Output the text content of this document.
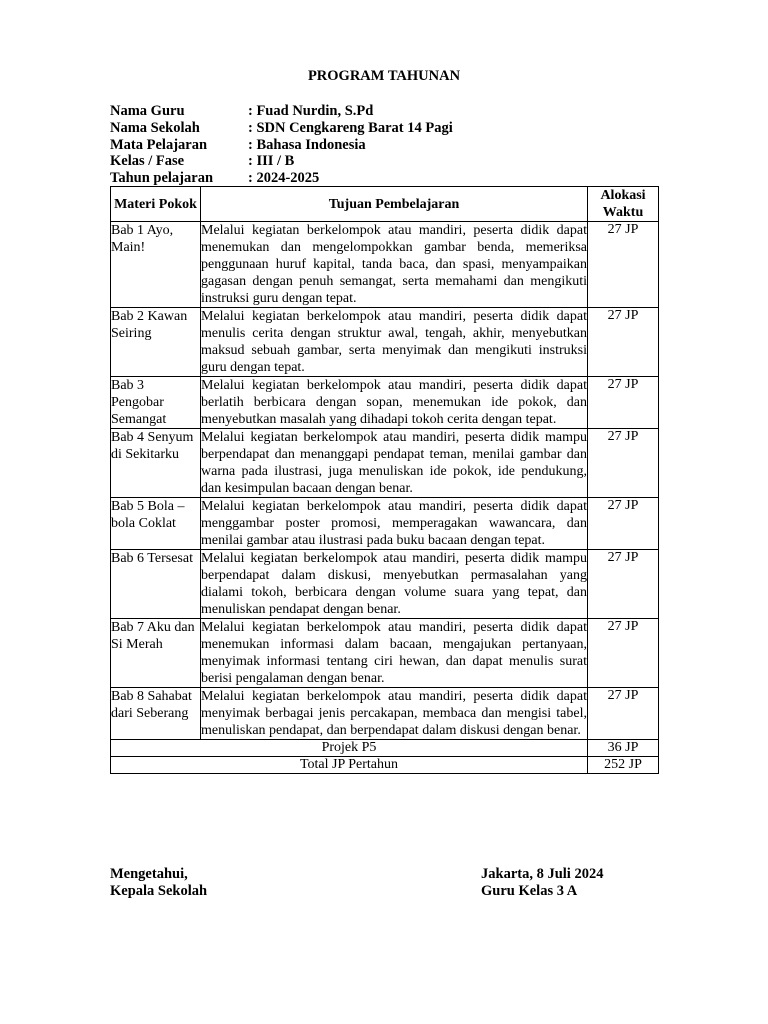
PROGRAM TAHUNAN
Nama Guru	: Fuad Nurdin, S.Pd
Nama Sekolah	: SDN Cengkareng Barat 14 Pagi
Mata Pelajaran	: Bahasa Indonesia
Kelas / Fase	: III / B
Tahun pelajaran	: 2024-2025
Materi Pokok	Tujuan Pembelajaran	Alokasi Waktu
Bab 1 Ayo, Main!	Melalui kegiatan berkelompok atau mandiri, peserta didik dapat menemukan dan mengelompokkan gambar benda, memeriksa penggunaan huruf kapital, tanda baca, dan spasi, menyampaikan gagasan dengan penuh semangat, serta memahami dan mengikuti instruksi guru dengan tepat.	27 JP
Bab 2 Kawan Seiring	Melalui kegiatan berkelompok atau mandiri, peserta didik dapat menulis cerita dengan struktur awal, tengah, akhir, menyebutkan maksud sebuah gambar, serta menyimak dan mengikuti instruksi guru dengan tepat.	27 JP
Bab 3 Pengobar Semangat	Melalui kegiatan berkelompok atau mandiri, peserta didik dapat berlatih berbicara dengan sopan, menemukan ide pokok, dan menyebutkan masalah yang dihadapi tokoh cerita dengan tepat.	27 JP
Bab 4 Senyum di Sekitarku	Melalui kegiatan berkelompok atau mandiri, peserta didik mampu berpendapat dan menanggapi pendapat teman, menilai gambar dan warna pada ilustrasi, juga menuliskan ide pokok, ide pendukung, dan kesimpulan bacaan dengan benar.	27 JP
Bab 5 Bola – bola Coklat	Melalui kegiatan berkelompok atau mandiri, peserta didik dapat menggambar poster promosi, memperagakan wawancara, dan menilai gambar atau ilustrasi pada buku bacaan dengan tepat.	27 JP
Bab 6 Tersesat	Melalui kegiatan berkelompok atau mandiri, peserta didik mampu berpendapat dalam diskusi, menyebutkan permasalahan yang dialami tokoh, berbicara dengan volume suara yang tepat, dan menuliskan pendapat dengan benar.	27 JP
Bab 7 Aku dan Si Merah	Melalui kegiatan berkelompok atau mandiri, peserta didik dapat menemukan informasi dalam bacaan, mengajukan pertanyaan, menyimak informasi tentang ciri hewan, dan dapat menulis surat berisi pengalaman dengan benar.	27 JP
Bab 8 Sahabat dari Seberang	Melalui kegiatan berkelompok atau mandiri, peserta didik dapat menyimak berbagai jenis percakapan, membaca dan mengisi tabel, menuliskan pendapat, dan berpendapat dalam diskusi dengan benar.	27 JP
Projek P5		36 JP
Total JP Pertahun		252 JP
Mengetahui,
Kepala Sekolah
Jakarta, 8 Juli 2024
Guru Kelas 3 A
